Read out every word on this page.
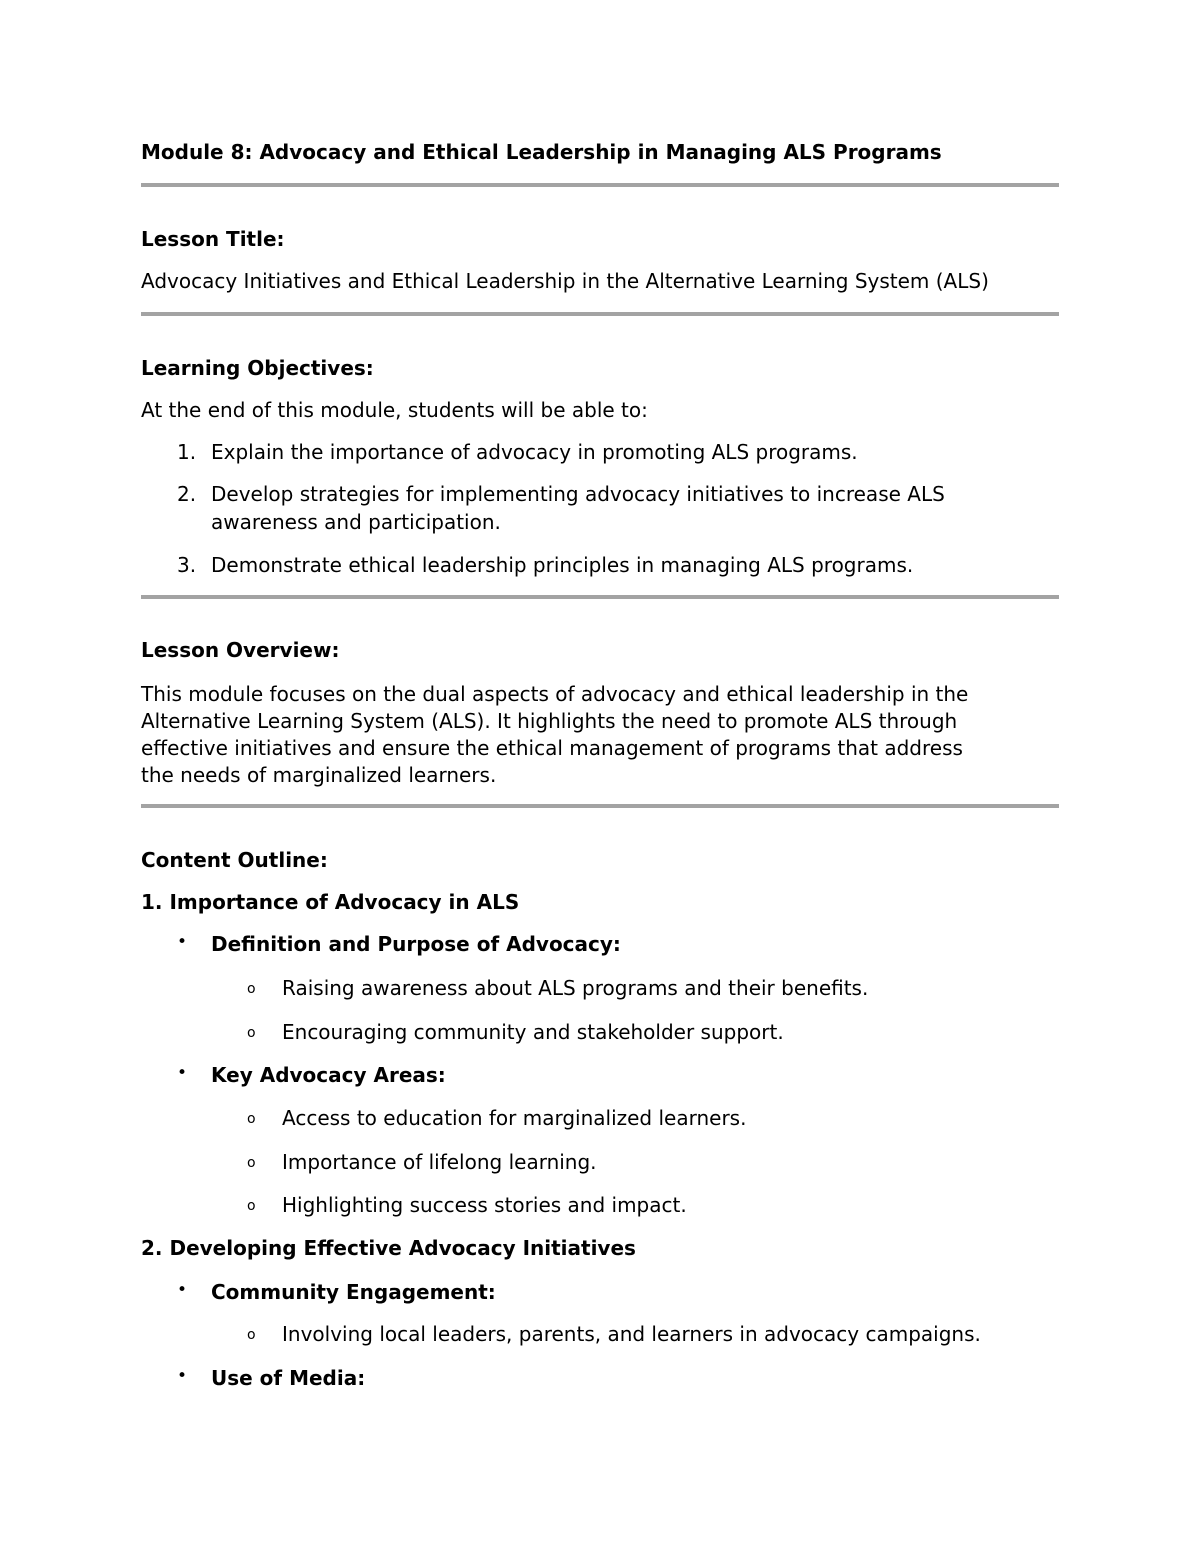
Module 8: Advocacy and Ethical Leadership in Managing ALS Programs
Lesson Title:
Advocacy Initiatives and Ethical Leadership in the Alternative Learning System (ALS)
Learning Objectives:
At the end of this module, students will be able to:
1. Explain the importance of advocacy in promoting ALS programs.
2. Develop strategies for implementing advocacy initiatives to increase ALS
awareness and participation.
3. Demonstrate ethical leadership principles in managing ALS programs.
Lesson Overview:
This module focuses on the dual aspects of advocacy and ethical leadership in the
Alternative Learning System (ALS). It highlights the need to promote ALS through
effective initiatives and ensure the ethical management of programs that address
the needs of marginalized learners.
Content Outline:
1. Importance of Advocacy in ALS
• Definition and Purpose of Advocacy:
o Raising awareness about ALS programs and their benefits.
o Encouraging community and stakeholder support.
• Key Advocacy Areas:
o Access to education for marginalized learners.
o Importance of lifelong learning.
o Highlighting success stories and impact.
2. Developing Effective Advocacy Initiatives
• Community Engagement:
o Involving local leaders, parents, and learners in advocacy campaigns.
• Use of Media:
